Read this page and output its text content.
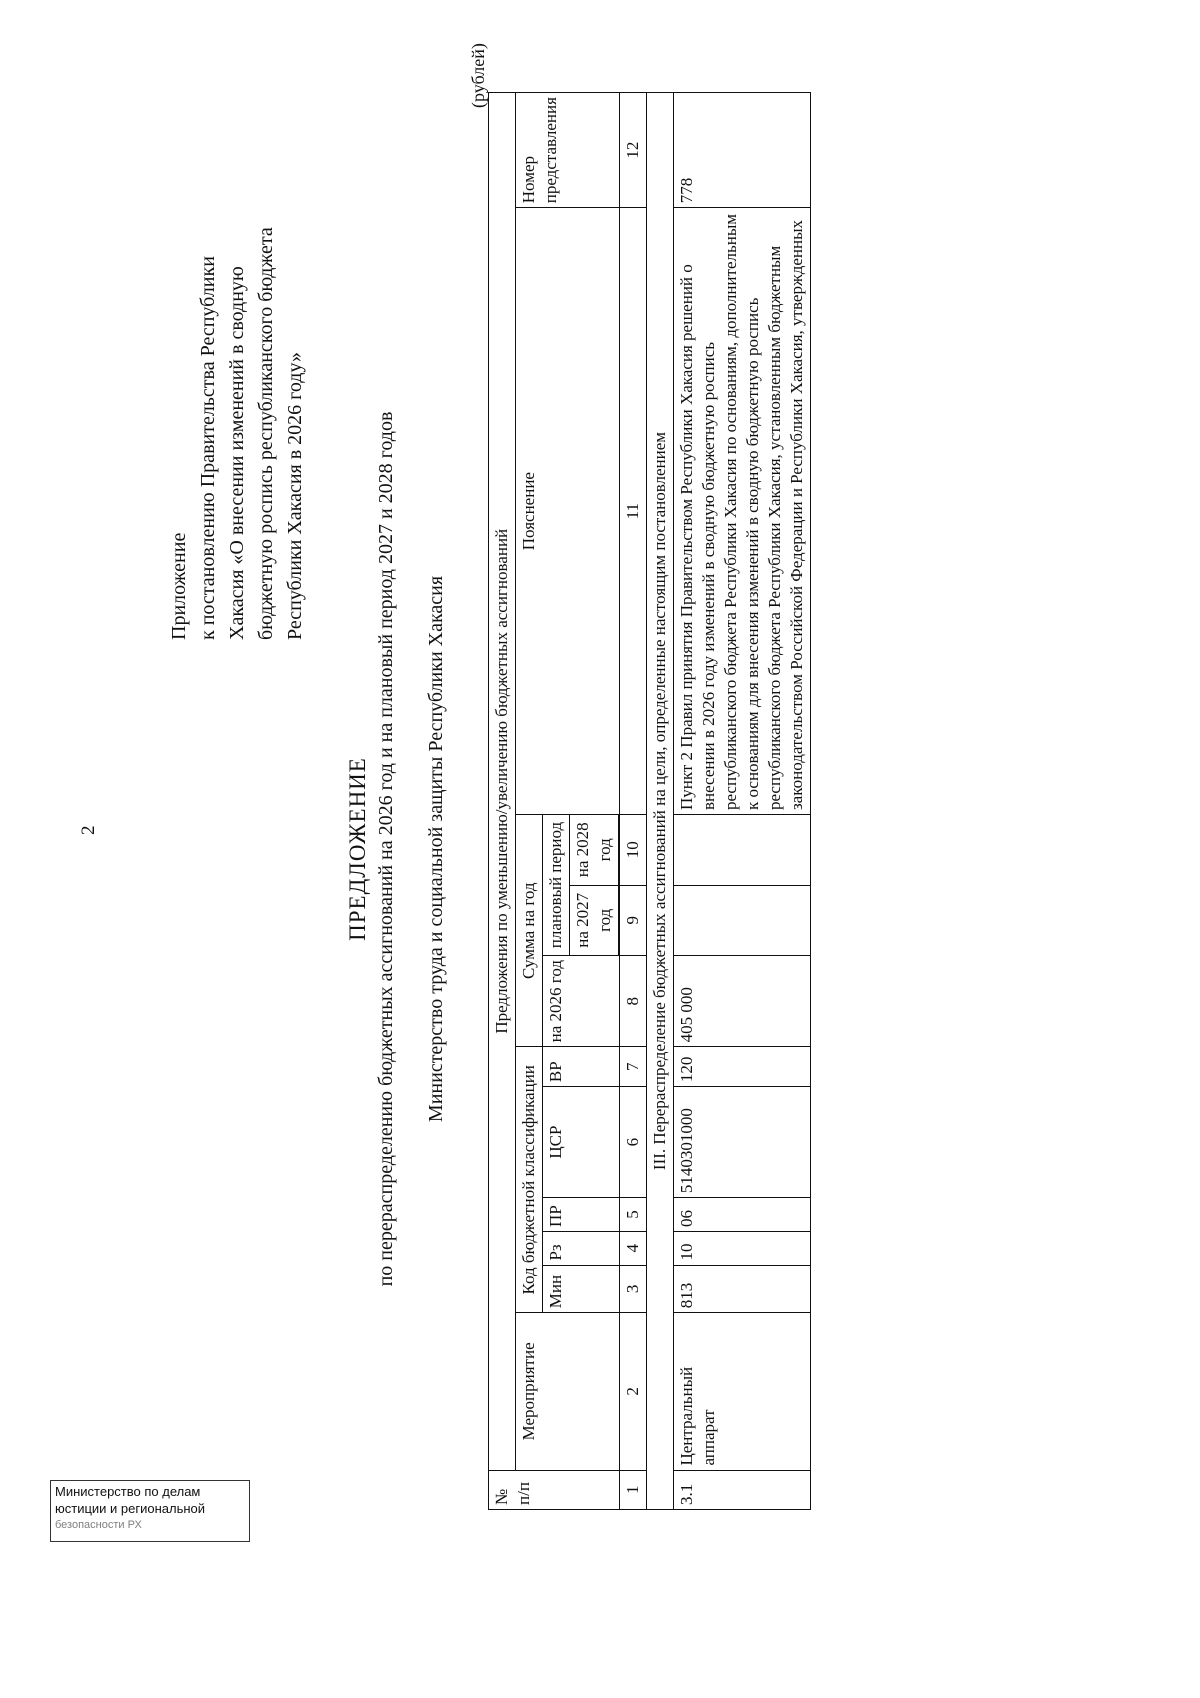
2
Приложение к постановлению Правительства Республики Хакасия «О внесении изменений в сводную бюджетную роспись республиканского бюджета Республики Хакасия в 2026 году»
ПРЕДЛОЖЕНИЕ по перераспределению бюджетных ассигнований на 2026 год и на плановый период 2027 и 2028 годов Министерство труда и социальной защиты Республики Хакасия
(рублей)
№ п/п	Предложения по уменьшению/увеличению бюджетных ассигнований										
	Мероприятие	Код бюджетной классификации					Сумма на год			Пояснение	Номер представления
		Мин	Рз	ПР	ЦСР	ВР	на 2026 год	плановый период			
								на 2027 год	на 2028 год		

1	2	3	4	5	6	7	8	9	10	11	12
III. Перераспределение бюджетных ассигнований на цели, определенные настоящим постановлением											
3.1	Центральный аппарат	813	10	06	5140301000	120	405 000			Пункт 2 Правил принятия Правительством Республики Хакасия решений о внесении в 2026 году изменений в сводную бюджетную роспись республиканского бюджета Республики Хакасия по основаниям, дополнительным к основаниям для внесения изменений в сводную бюджетную роспись республиканского бюджета Республики Хакасия, установленным бюджетным законодательством Российской Федерации и Республики Хакасия, утвержденных	778
Министерство по делам
юстиции и региональной
безопасности РХ
